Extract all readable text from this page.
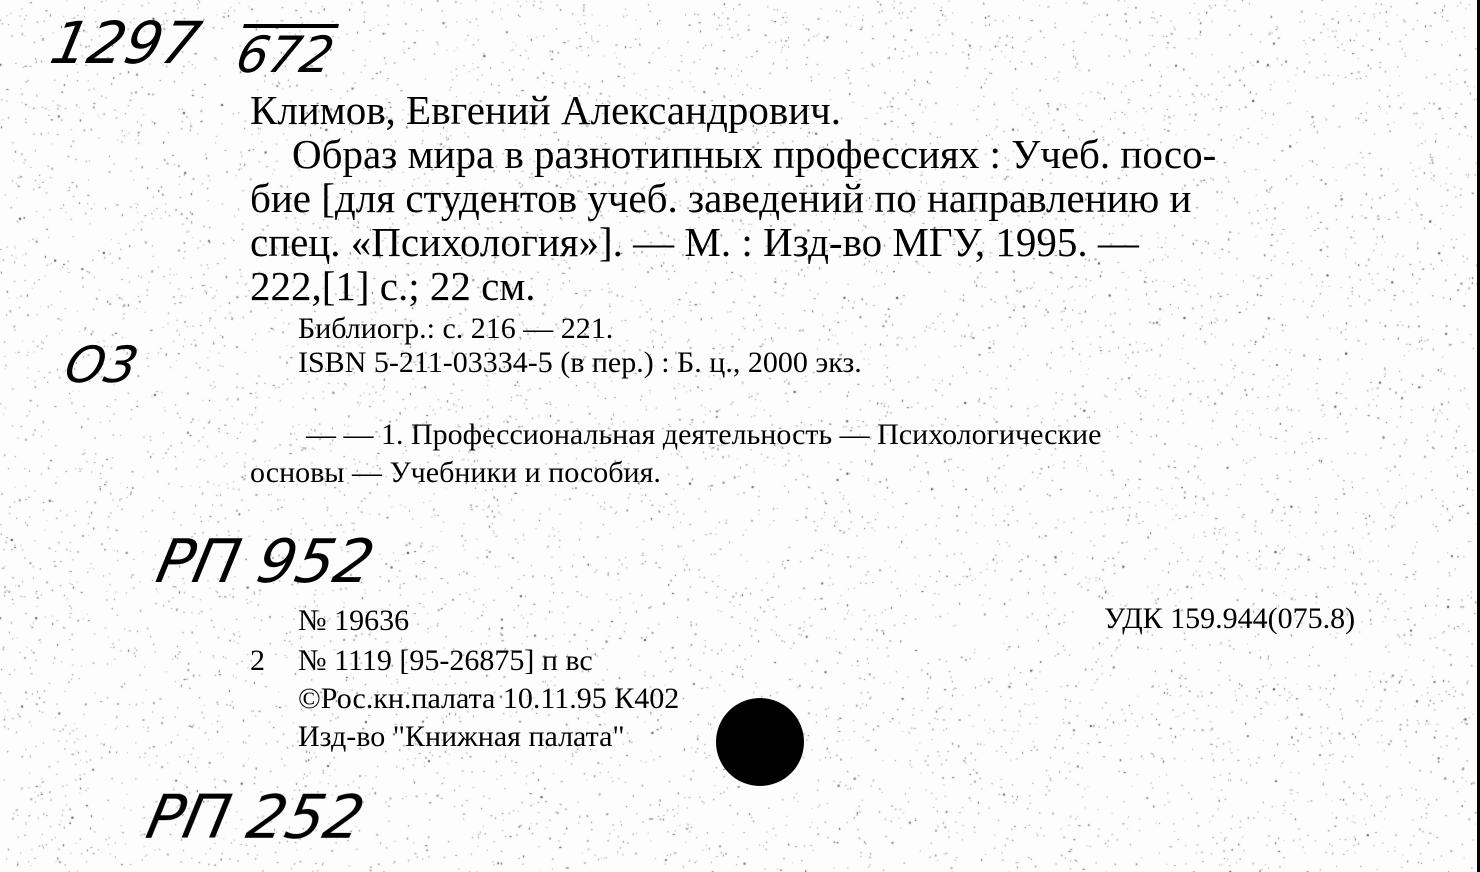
1297 672
Климов, Евгений Александрович.
Образ мира в разнотипных профессиях : Учеб. посо-
бие [для студентов учеб. заведений по направлению и
спец. «Психология»]. — М. : Изд-во МГУ, 1995. —
222,[1] с.; 22 см.
Библиогр.: с. 216 — 221.
O3	ISBN 5-211-03334-5 (в пер.) : Б. ц., 2000 экз.
— — 1. Профессиональная деятельность — Психологические
основы — Учебники и пособия.
РП 952
№ 19636	УДК 159.944(075.8)
2 № 1119 [95-26875] п вс
©Рос.кн.палата 10.11.95 К402
Изд-во "Книжная палата"
РП 252
